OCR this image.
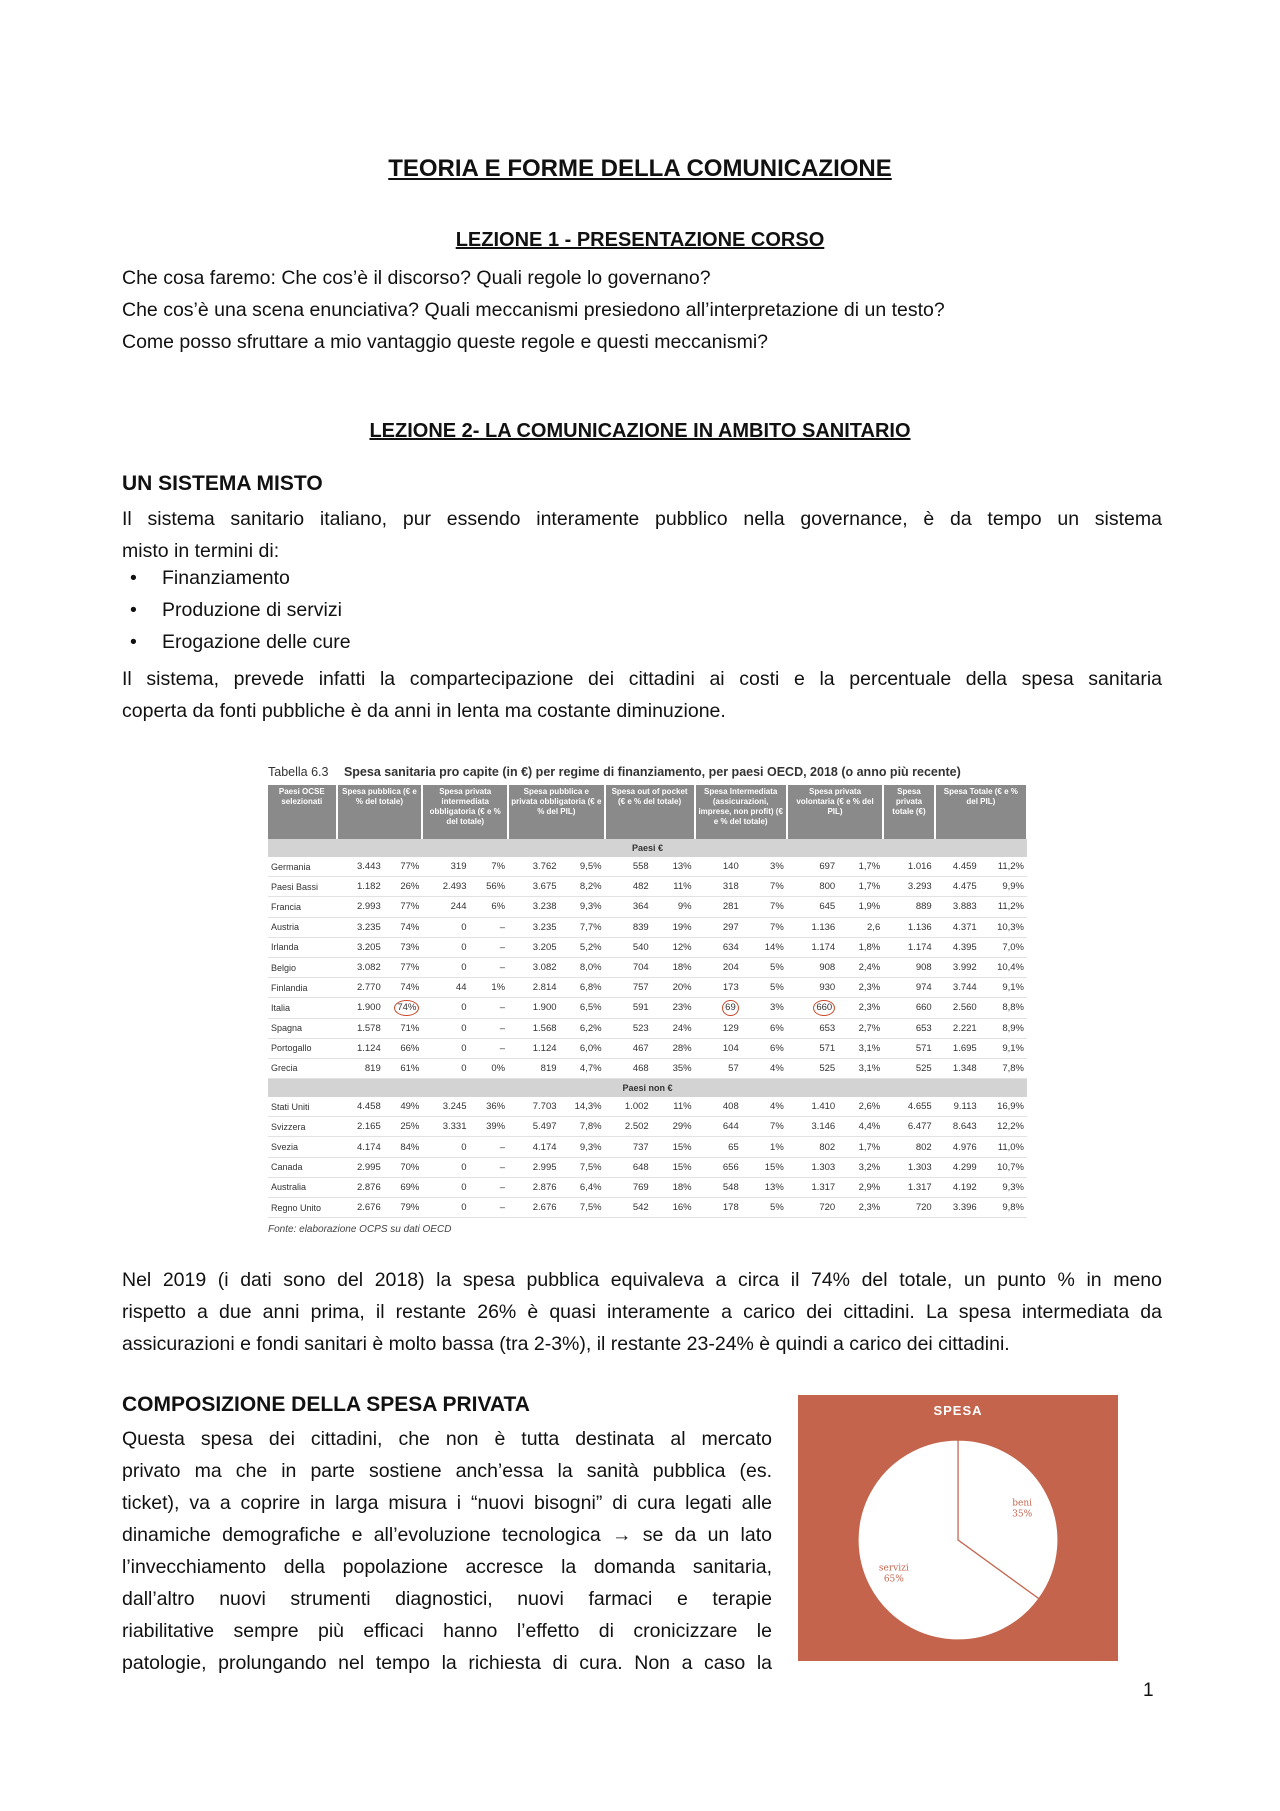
TEORIA E FORME DELLA COMUNICAZIONE
LEZIONE 1 - PRESENTAZIONE CORSO
Che cosa faremo: Che cos’è il discorso? Quali regole lo governano?
Che cos’è una scena enunciativa? Quali meccanismi presiedono all’interpretazione di un testo?
Come posso sfruttare a mio vantaggio queste regole e questi meccanismi?
LEZIONE 2- LA COMUNICAZIONE IN AMBITO SANITARIO
UN SISTEMA MISTO
Il sistema sanitario italiano, pur essendo interamente pubblico nella governance, è da tempo un sistema
misto in termini di:
• Finanziamento
• Produzione di servizi
• Erogazione delle cure
Il sistema, prevede infatti la compartecipazione dei cittadini ai costi e la percentuale della spesa sanitaria
coperta da fonti pubbliche è da anni in lenta ma costante diminuzione.
Tabella 6.3 Spesa sanitaria pro capite (in €) per regime di finanziamento, per paesi OECD, 2018 (o anno più recente)
Paesi OCSE selezionati	Spesa pubblica (€ e % del totale)		Spesa privata intermediata obbligatoria (€ e % del totale)		Spesa pubblica e privata obbligatoria (€ e % del PIL)		Spesa out of pocket (€ e % del totale)		Spesa Intermediata (assicurazioni, imprese, non profit) (€ e % del totale)		Spesa privata volontaria (€ e % del PIL)		Spesa privata totale (€)	Spesa Totale (€ e % del PIL)	
Paesi €															
Germania	3.443	77%	319	7%	3.762	9,5%	558	13%	140	3%	697	1,7%	1.016	4.459	11,2%
Paesi Bassi	1.182	26%	2.493	56%	3.675	8,2%	482	11%	318	7%	800	1,7%	3.293	4.475	9,9%
Francia	2.993	77%	244	6%	3.238	9,3%	364	9%	281	7%	645	1,9%	889	3.883	11,2%
Austria	3.235	74%	0	–	3.235	7,7%	839	19%	297	7%	1.136	2,6	1.136	4.371	10,3%
Irlanda	3.205	73%	0	–	3.205	5,2%	540	12%	634	14%	1.174	1,8%	1.174	4.395	7,0%
Belgio	3.082	77%	0	–	3.082	8,0%	704	18%	204	5%	908	2,4%	908	3.992	10,4%
Finlandia	2.770	74%	44	1%	2.814	6,8%	757	20%	173	5%	930	2,3%	974	3.744	9,1%
Italia	1.900	74%	0	–	1.900	6,5%	591	23%	69	3%	660	2,3%	660	2.560	8,8%
Spagna	1.578	71%	0	–	1.568	6,2%	523	24%	129	6%	653	2,7%	653	2.221	8,9%
Portogallo	1.124	66%	0	–	1.124	6,0%	467	28%	104	6%	571	3,1%	571	1.695	9,1%
Grecia	819	61%	0	0%	819	4,7%	468	35%	57	4%	525	3,1%	525	1.348	7,8%
Paesi non €															
Stati Uniti	4.458	49%	3.245	36%	7.703	14,3%	1.002	11%	408	4%	1.410	2,6%	4.655	9.113	16,9%
Svizzera	2.165	25%	3.331	39%	5.497	7,8%	2.502	29%	644	7%	3.146	4,4%	6.477	8.643	12,2%
Svezia	4.174	84%	0	–	4.174	9,3%	737	15%	65	1%	802	1,7%	802	4.976	11,0%
Canada	2.995	70%	0	–	2.995	7,5%	648	15%	656	15%	1.303	3,2%	1.303	4.299	10,7%
Australia	2.876	69%	0	–	2.876	6,4%	769	18%	548	13%	1.317	2,9%	1.317	4.192	9,3%
Regno Unito	2.676	79%	0	–	2.676	7,5%	542	16%	178	5%	720	2,3%	720	3.396	9,8%
Fonte: elaborazione OCPS su dati OECD
Nel 2019 (i dati sono del 2018) la spesa pubblica equivaleva a circa il 74% del totale, un punto % in meno
rispetto a due anni prima, il restante 26% è quasi interamente a carico dei cittadini. La spesa intermediata da
assicurazioni e fondi sanitari è molto bassa (tra 2-3%), il restante 23-24% è quindi a carico dei cittadini.
COMPOSIZIONE DELLA SPESA PRIVATA
Questa spesa dei cittadini, che non è tutta destinata al mercato
privato ma che in parte sostiene anch’essa la sanità pubblica (es.
ticket), va a coprire in larga misura i “nuovi bisogni” di cura legati alle
dinamiche demografiche e all’evoluzione tecnologica → se da un lato
l’invecchiamento della popolazione accresce la domanda sanitaria,
dall’altro nuovi strumenti diagnostici, nuovi farmaci e terapie
riabilitative sempre più efficaci hanno l’effetto di cronicizzare le
patologie, prolungando nel tempo la richiesta di cura. Non a caso la
beni
35%
servizi
65%
SPESA
1
